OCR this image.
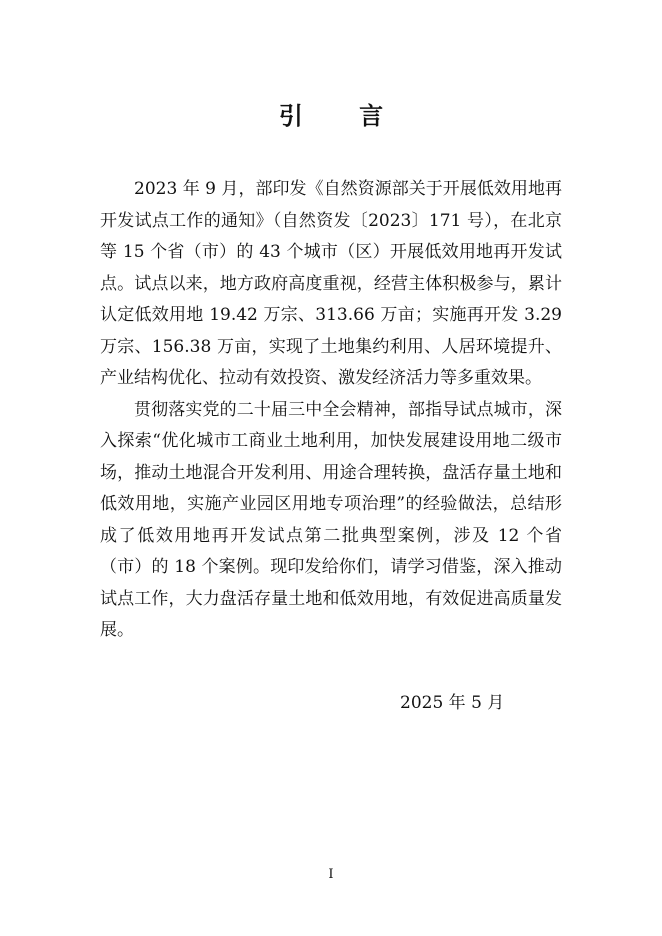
引 言

2023 年 9 月，部印发《自然资源部关于开展低效用地再开发试点工作的通知》（自然资发〔2023〕171 号），在北京等 15 个省（市）的 43 个城市（区）开展低效用地再开发试点。试点以来，地方政府高度重视，经营主体积极参与，累计认定低效用地 19.42 万宗、313.66 万亩；实施再开发 3.29 万宗、156.38 万亩，实现了土地集约利用、人居环境提升、产业结构优化、拉动有效投资、激发经济活力等多重效果。

贯彻落实党的二十届三中全会精神，部指导试点城市，深入探索“优化城市工商业土地利用，加快发展建设用地二级市场，推动土地混合开发利用、用途合理转换，盘活存量土地和低效用地，实施产业园区用地专项治理”的经验做法，总结形成了低效用地再开发试点第二批典型案例，涉及 12 个省（市）的 18 个案例。现印发给你们，请学习借鉴，深入推动试点工作，大力盘活存量土地和低效用地，有效促进高质量发展。

2025 年 5 月
I
